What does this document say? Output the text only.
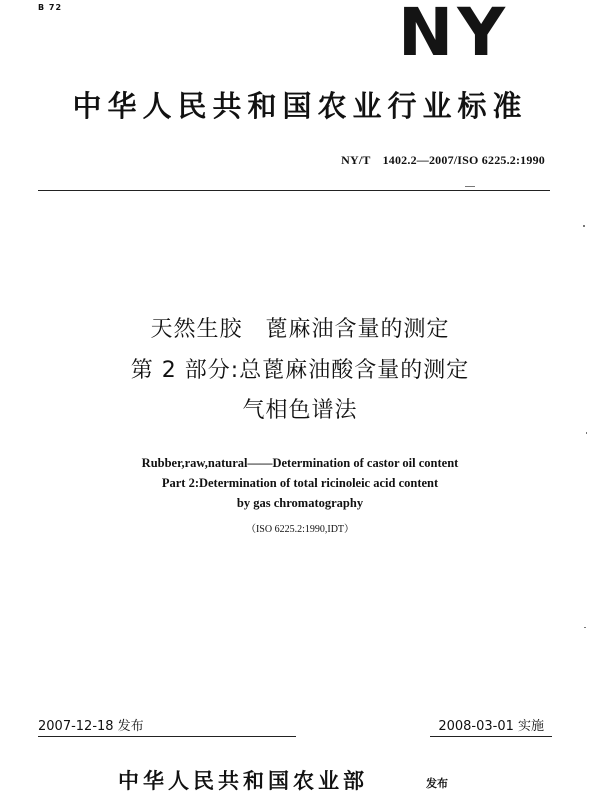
B 72	NY
中华人民共和国农业行业标准
NY/T　1402.2—2007/ISO 6225.2:1990
天然生胶　蓖麻油含量的测定
第 2 部分:总蓖麻油酸含量的测定
气相色谱法
Rubber,raw,natural——Determination of castor oil content
Part 2:Determination of total ricinoleic acid content
by gas chromatography
（ISO 6225.2:1990,IDT）
2007-12-18 发布	2008-03-01 实施
中华人民共和国农业部	发布
